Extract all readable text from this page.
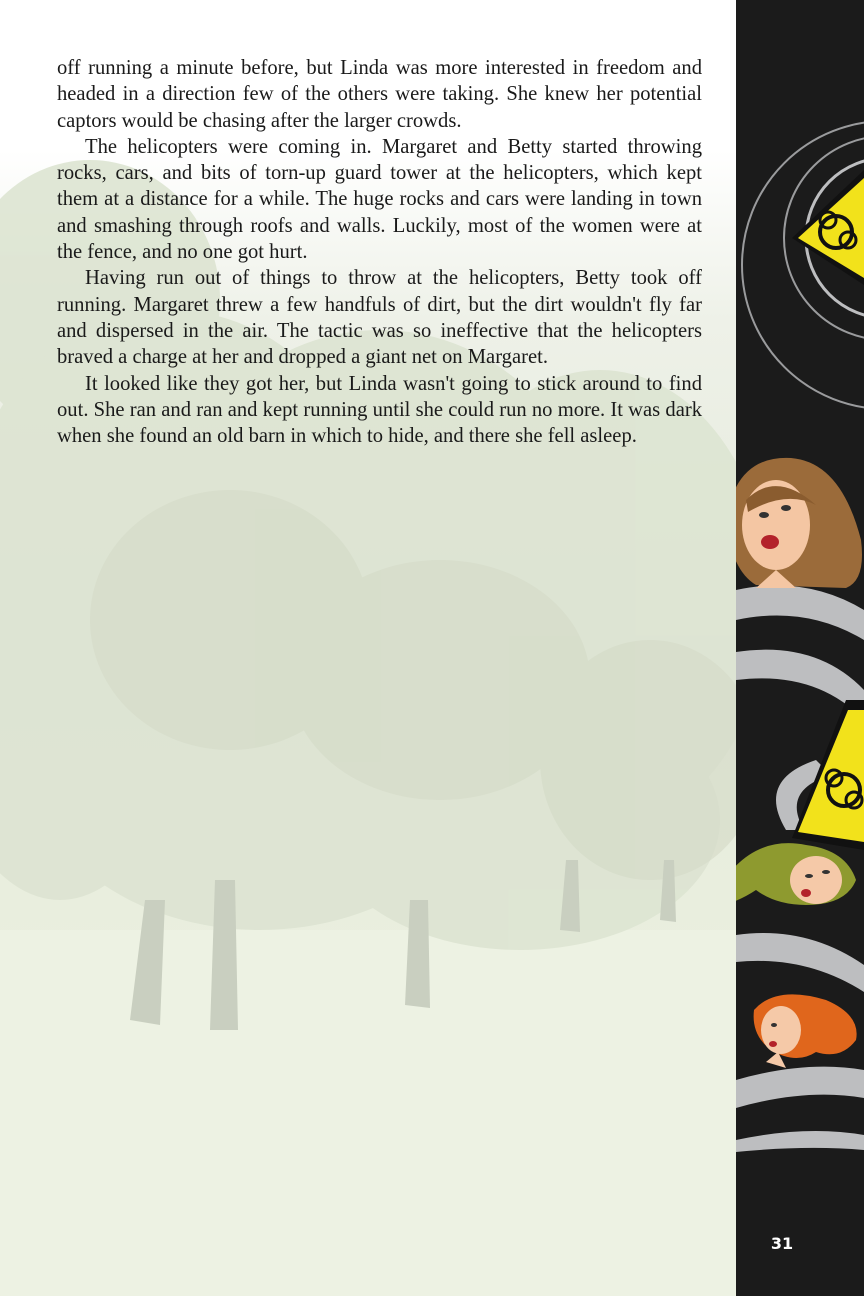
off running a minute before, but Linda was more interested in freedom and headed in a direction few of the others were taking. She knew her potential captors would be chasing after the larger crowds.

The helicopters were coming in. Margaret and Betty started throwing rocks, cars, and bits of torn-up guard tower at the helicopters, which kept them at a distance for a while. The huge rocks and cars were landing in town and smashing through roofs and walls. Luckily, most of the women were at the fence, and no one got hurt.

Having run out of things to throw at the helicopters, Betty took off running. Margaret threw a few handfuls of dirt, but the dirt wouldn't fly far and dispersed in the air. The tactic was so ineffective that the helicopters braved a charge at her and dropped a giant net on Margaret.

It looked like they got her, but Linda wasn't going to stick around to find out. She ran and ran and kept running until she could run no more. It was dark when she found an old barn in which to hide, and there she fell asleep.

31
